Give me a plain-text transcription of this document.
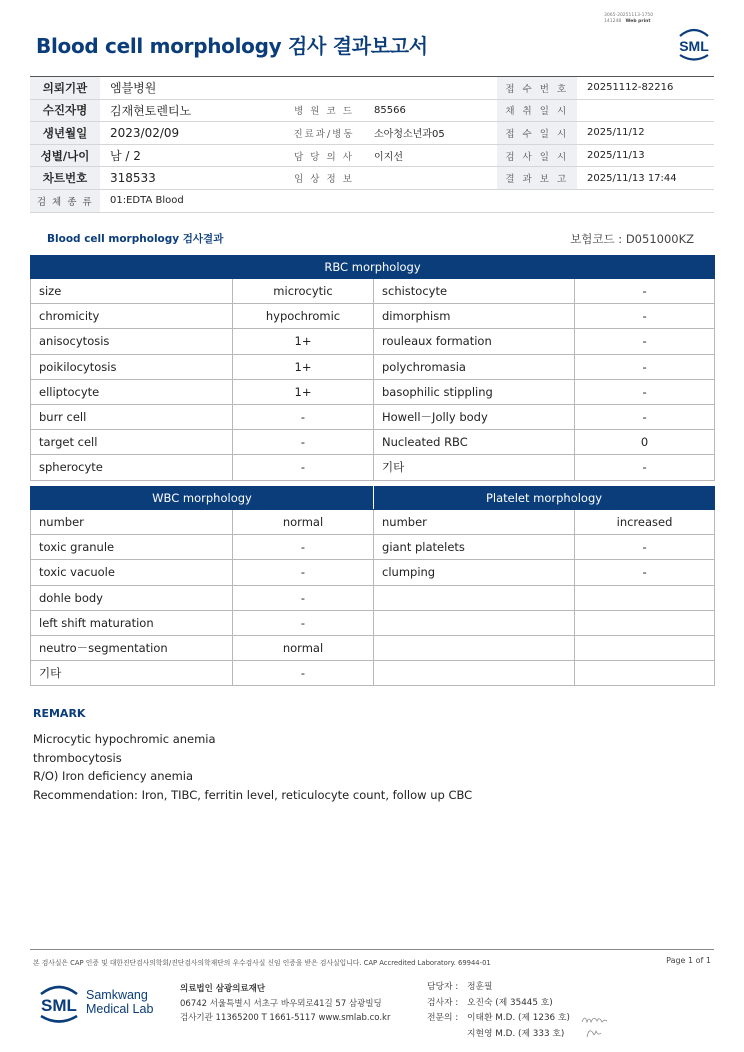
3065-20251113-1750
141248 Web print
Blood cell morphology 검사 결과보고서	SML
의뢰기관	엠블병원			접 수 번 호	20251112-82216
수진자명	김재현토렌티노	병 원 코 드	85566	채 취 일 시	
생년월일	2023/02/09	진료과/병동	소아청소년과05	접 수 일 시	2025/11/12
성별/나이	남 / 2	담 당 의 사	이지선	검 사 일 시	2025/11/13
차트번호	318533	임 상 정 보		결 과 보 고	2025/11/13 17:44
검 체 종 류	01:EDTA Blood				
Blood cell morphology 검사결과	보험코드 : D051000KZ
RBC morphology			
size	microcytic	schistocyte	-
chromicity	hypochromic	dimorphism	-
anisocytosis	1+	rouleaux formation	-
poikilocytosis	1+	polychromasia	-
elliptocyte	1+	basophilic stippling	-
burr cell	-	Howell－Jolly body	-
target cell	-	Nucleated RBC	0
spherocyte	-	기타	-
WBC morphology		Platelet morphology	
number	normal	number	increased
toxic granule	-	giant platelets	-
toxic vacuole	-	clumping	-
dohle body	-		
left shift maturation	-		
neutro－segmentation	normal		
기타	-		
REMARK
Microcytic hypochromic anemia
thrombocytosis
R/O) Iron deficiency anemia
Recommendation: Iron, TIBC, ferritin level, reticulocyte count, follow up CBC
본 검사실은 CAP 인증 및 대한진단검사의학회/진단검사의학재단의 우수검사실 신임 인증을 받은 검사실입니다. CAP Accredited Laboratory. 69944-01	Page 1 of 1
SML
Samkwang
Medical Lab
의료법인 삼광의료재단
06742 서울특별시 서초구 바우뫼로41길 57 삼광빌딩
검사기관 11365200 T 1661-5117 www.smlab.co.kr
담당자 : 정훈필
검사자 : 오진숙 (제 35445 호)
전문의 : 이태환 M.D. (제 1236 호)
지현영 M.D. (제 333 호)
